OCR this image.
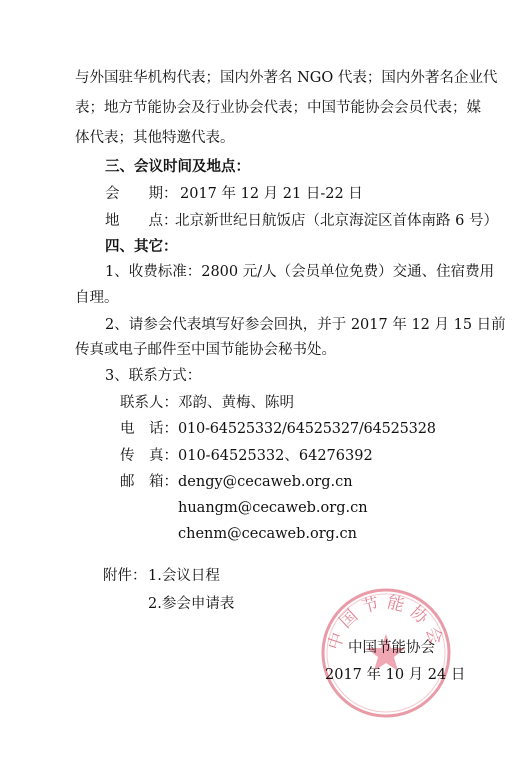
与外国驻华机构代表；国内外著名 NGO 代表；国内外著名企业代
表；地方节能协会及行业协会代表；中国节能协会会员代表；媒
体代表；其他特邀代表。
三、会议时间及地点：
会　　期： 2017 年 12 月 21 日-22 日
地　　点：
北京新世纪日航饭店（北京海淀区首体南路 6 号）
四、其它：
1、收费标准：2800 元/人（会员单位免费）交通、住宿费用
自理。
2、请参会代表填写好参会回执，并于 2017 年 12 月 15 日前
传真或电子邮件至中国节能协会秘书处。
3、联系方式：
联系人： 邓韵、黄梅、陈明
电　话： 010-64525332/64525327/64525328
传　真： 010-64525332、64276392
邮　箱： dengy@cecaweb.org.cn
huangm@cecaweb.org.cn
chenm@cecaweb.org.cn
附件： 1.会议日程
2.参会申请表
中国节能协会
中国节能协会
2017 年 10 月 24 日
